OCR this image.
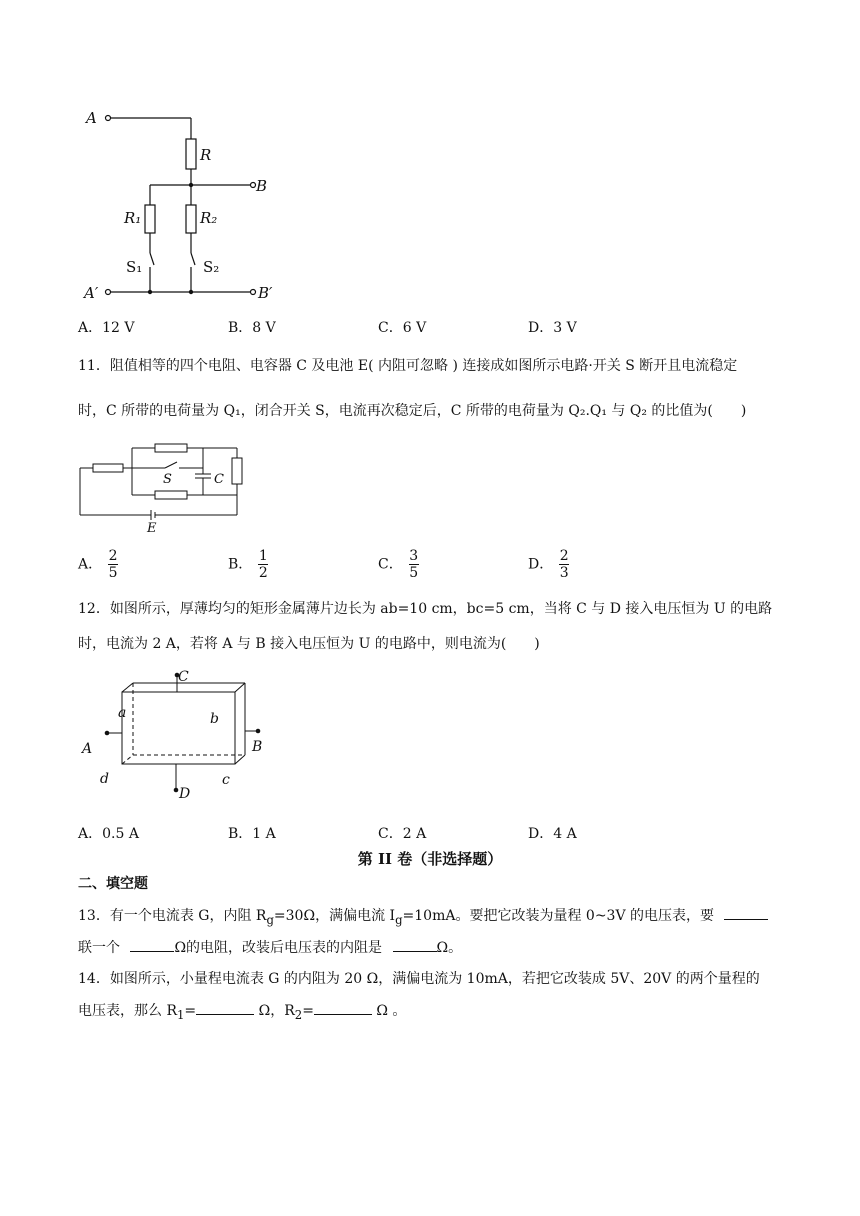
A
R
B
R₁	R₂
S₁	S₂
A′	B′
A．12 V	B．8 V	C．6 V	D．3 V
11．阻值相等的四个电阻、电容器 C 及电池 E( 内阻可忽略 ) 连接成如图所示电路·开关 S 断开且电流稳定
时，C 所带的电荷量为 Q₁，闭合开关 S，电流再次稳定后，C 所带的电荷量为 Q₂.Q₁ 与 Q₂ 的比值为(　　)
S	C
E
A． $\frac{2}{5}$	B． $\frac{1}{2}$	C． $\frac{3}{5}$	D． $\frac{2}{3}$
12．如图所示，厚薄均匀的矩形金属薄片边长为 ab=10 cm，bc=5 cm，当将 C 与 D 接入电压恒为 U 的电路
时，电流为 2 A，若将 A 与 B 接入电压恒为 U 的电路中，则电流为(　　)
C
a	b
A	B
d	c
D
A．0.5 A	B．1 A	C．2 A	D．4 A
第 II 卷（非选择题）
二、填空题
13．有一个电流表 G，内阻 $R_g=30\Omega$，满偏电流 $I_g=10mA$。要把它改装为量程 0~3V 的电压表，要
联一个	Ω的电阻，改装后电压表的内阻是	Ω。
14．如图所示，小量程电流表 G 的内阻为 20 Ω，满偏电流为 10mA，若把它改装成 5V、20V 的两个量程的
电压表，那么 $R_1=$	Ω，$R_2=$	Ω 。
